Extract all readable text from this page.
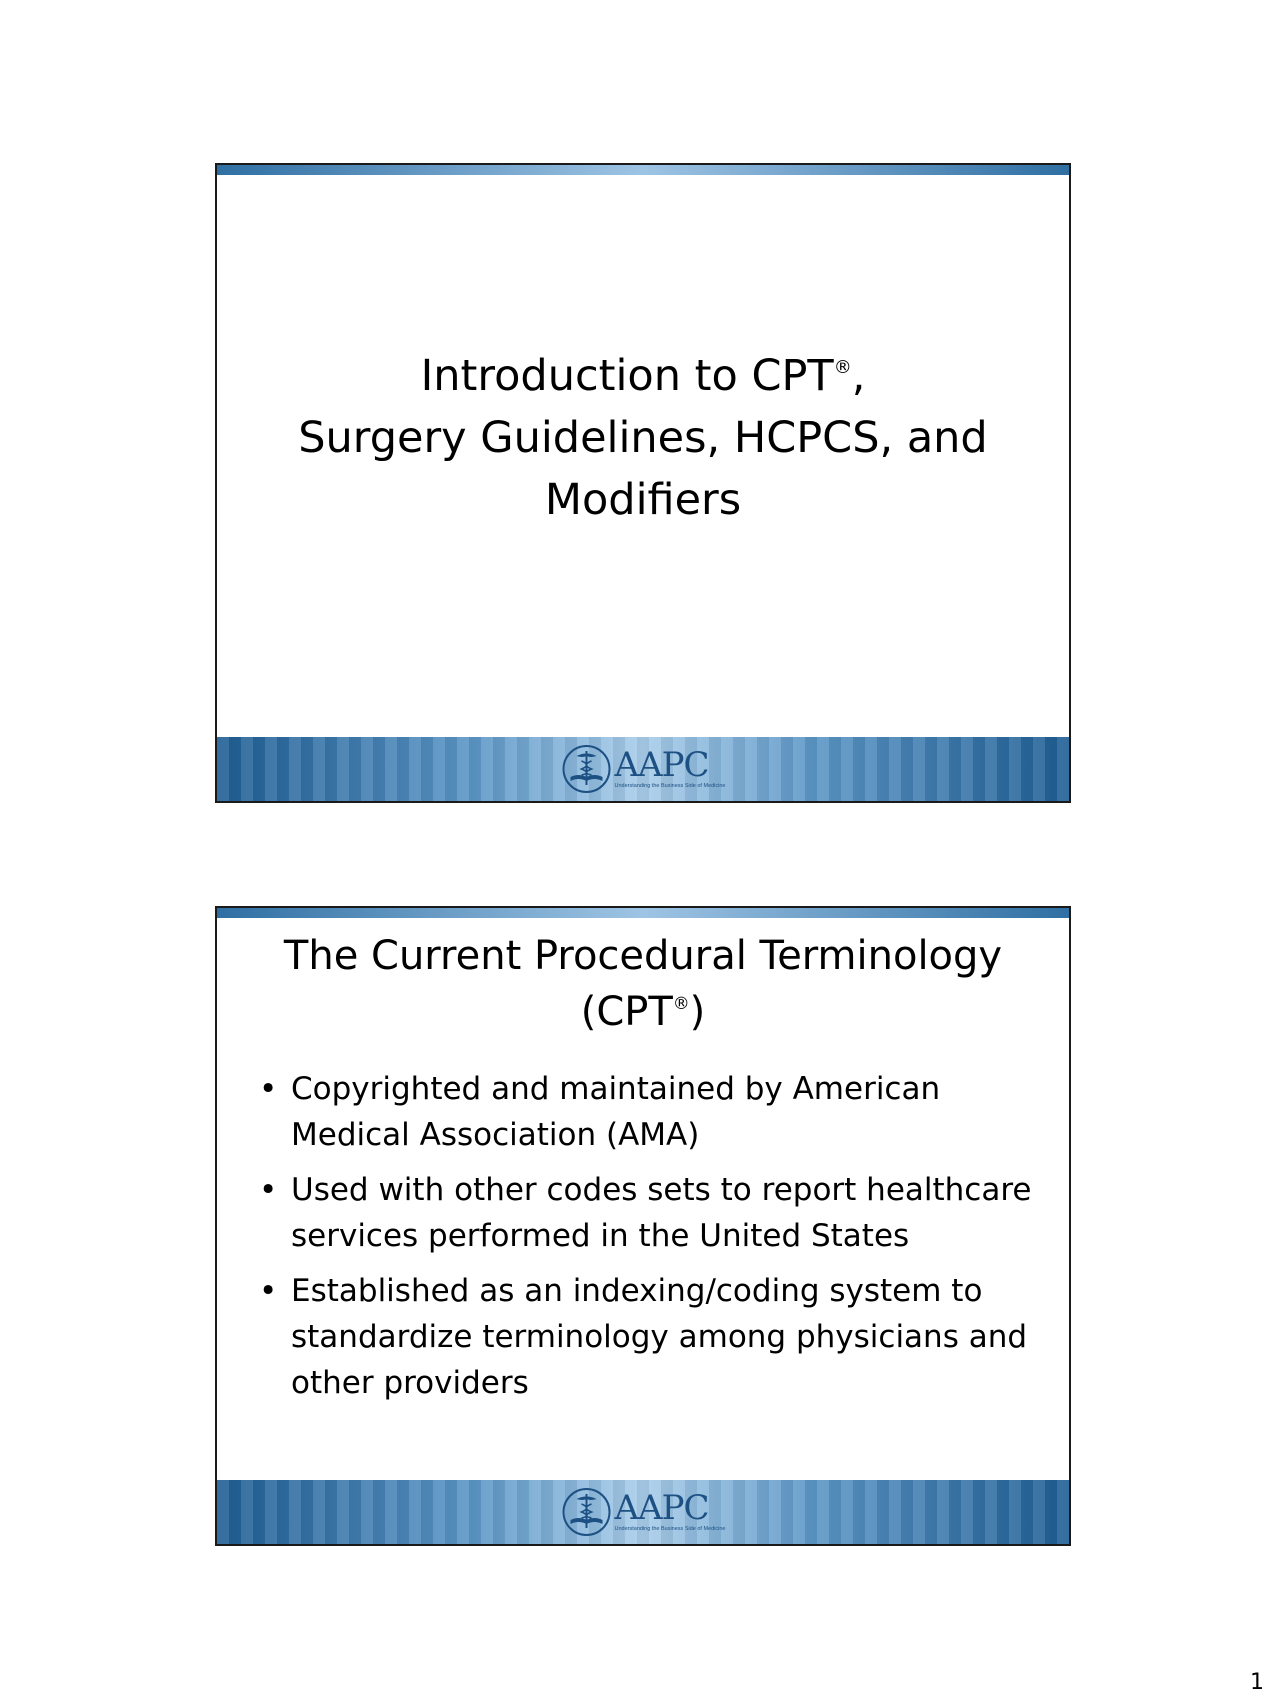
Introduction to CPT®,
Surgery Guidelines, HCPCS, and
Modifiers
AAPC
Understanding the Business Side of Medicine
The Current Procedural Terminology
(CPT®)
• Copyrighted and maintained by American Medical Association (AMA)
• Used with other codes sets to report healthcare services performed in the United States
• Established as an indexing/coding system to standardize terminology among physicians and other providers
AAPC
Understanding the Business Side of Medicine
1
